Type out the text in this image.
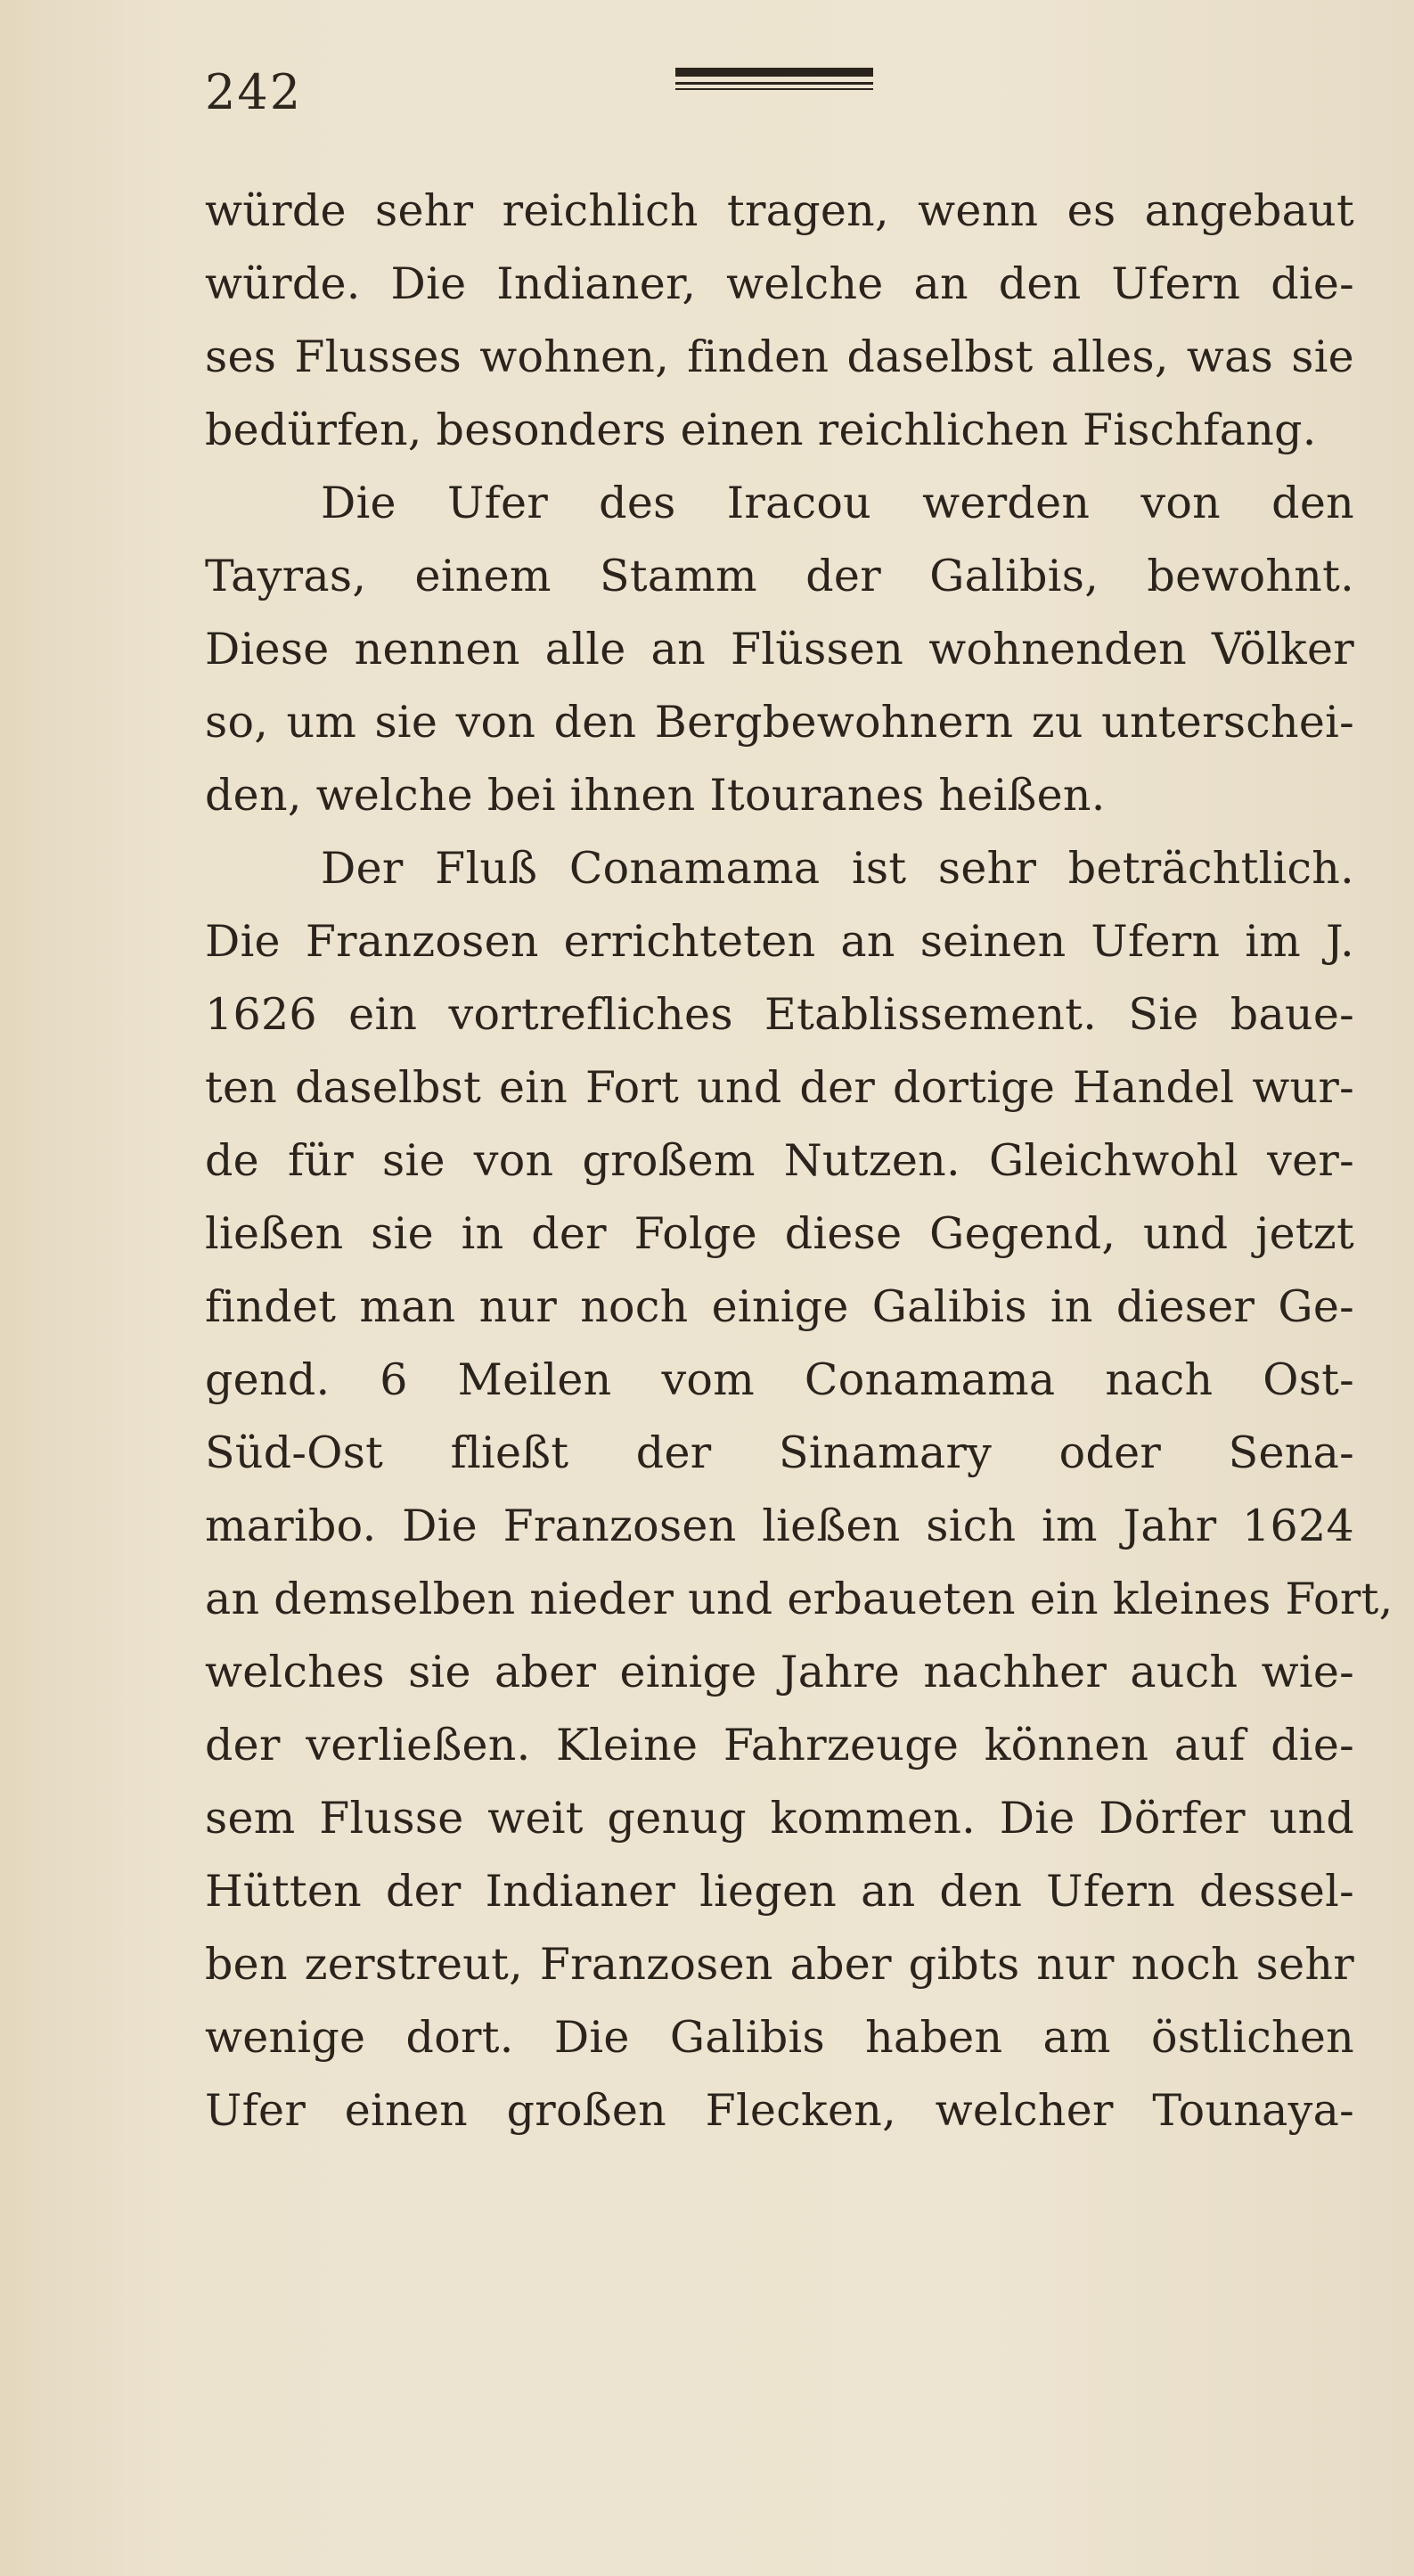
242
würde sehr reichlich tragen, wenn es angebaut
würde. Die Indianer, welche an den Ufern die-
ses Flusses wohnen, finden daselbst alles, was sie
bedürfen, besonders einen reichlichen Fischfang.
Die Ufer des Iracou werden von den
Tayras, einem Stamm der Galibis, bewohnt.
Diese nennen alle an Flüssen wohnenden Völker
so, um sie von den Bergbewohnern zu unterschei-
den, welche bei ihnen Itouranes heißen.
Der Fluß Conamama ist sehr beträchtlich.
Die Franzosen errichteten an seinen Ufern im J.
1626 ein vortrefliches Etablissement. Sie baue-
ten daselbst ein Fort und der dortige Handel wur-
de für sie von großem Nutzen. Gleichwohl ver-
ließen sie in der Folge diese Gegend, und jetzt
findet man nur noch einige Galibis in dieser Ge-
gend. 6 Meilen vom Conamama nach Ost-
Süd-Ost fließt der Sinamary oder Sena-
maribo. Die Franzosen ließen sich im Jahr 1624
an demselben nieder und erbaueten ein kleines Fort,
welches sie aber einige Jahre nachher auch wie-
der verließen. Kleine Fahrzeuge können auf die-
sem Flusse weit genug kommen. Die Dörfer und
Hütten der Indianer liegen an den Ufern dessel-
ben zerstreut, Franzosen aber gibts nur noch sehr
wenige dort. Die Galibis haben am östlichen
Ufer einen großen Flecken, welcher Tounaya-
